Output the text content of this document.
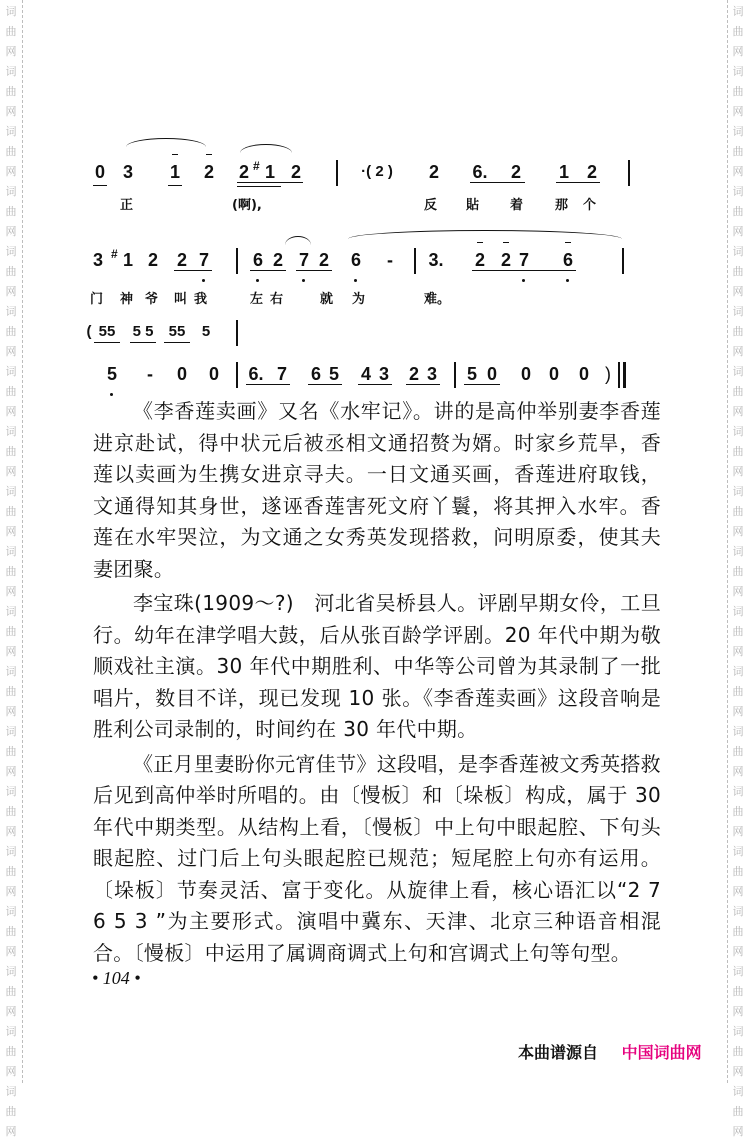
词
曲
网
词
曲
网
词
曲
网
词
曲
网
词
曲
网
词
曲
网
词
曲
网
词
曲
网
词
曲
网
词
曲
网
词
曲
网
词
曲
网
词
曲
网
词
曲
网
词
曲
网
词
曲
网
词
曲
网
词
曲
网
词
曲
网
词
曲
网
词
曲
网
词
曲
网
词
曲
网
词
曲
网
词
曲
网
词
曲
网
词
曲
网
词
曲
网
词
曲
网
词
曲
网
词
曲
网
词
曲
网
词
曲
网
词
曲
网
词
曲
网
词
曲
网
词
曲
网
词
曲
网
0 3 1 2 2 1
# 2	·( 2 )	2 6. 2 1 2
正	(啊),	反 貼 着 那 个
3 1
# 2 2 7 6 2 7 2 6 - 3. 2 2 7 6
门 神 爷 叫 我	左 右	就 为	难。
( 55	5 5	55	5
5 - 0 0 6. 7 6 5 4 3 2 3 5 0 0 0 0 )

《李香莲卖画》又名《水牢记》。讲的是高仲举别妻李香莲进京赴试，得中状元后被丞相文通招赘为婿。时家乡荒旱，香莲以卖画为生携女进京寻夫。一日文通买画，香莲进府取钱，文通得知其身世，遂诬香莲害死文府丫鬟，将其押入水牢。香莲在水牢哭泣，为文通之女秀英发现搭救，问明原委，使其夫妻团聚。

李宝珠(1909～?)　河北省吴桥县人。评剧早期女伶，工旦行。幼年在津学唱大鼓，后从张百龄学评剧。20 年代中期为敬顺戏社主演。30 年代中期胜利、中华等公司曾为其录制了一批唱片，数目不详，现已发现 10 张。《李香莲卖画》这段音响是胜利公司录制的，时间约在 30 年代中期。

《正月里妻盼你元宵佳节》这段唱，是李香莲被文秀英搭救后见到高仲举时所唱的。由〔慢板〕和〔垛板〕构成，属于 30 年代中期类型。从结构上看，〔慢板〕中上句中眼起腔、下句头眼起腔、过门后上句头眼起腔已规范；短尾腔上句亦有运用。〔垛板〕节奏灵活、富于变化。从旋律上看，核心语汇以“2 7 6 5 3 ”为主要形式。演唱中冀东、天津、北京三种语音相混合。〔慢板〕中运用了属调商调式上句和宫调式上句等句型。

• 104 •
本曲谱源自 中国词曲网
